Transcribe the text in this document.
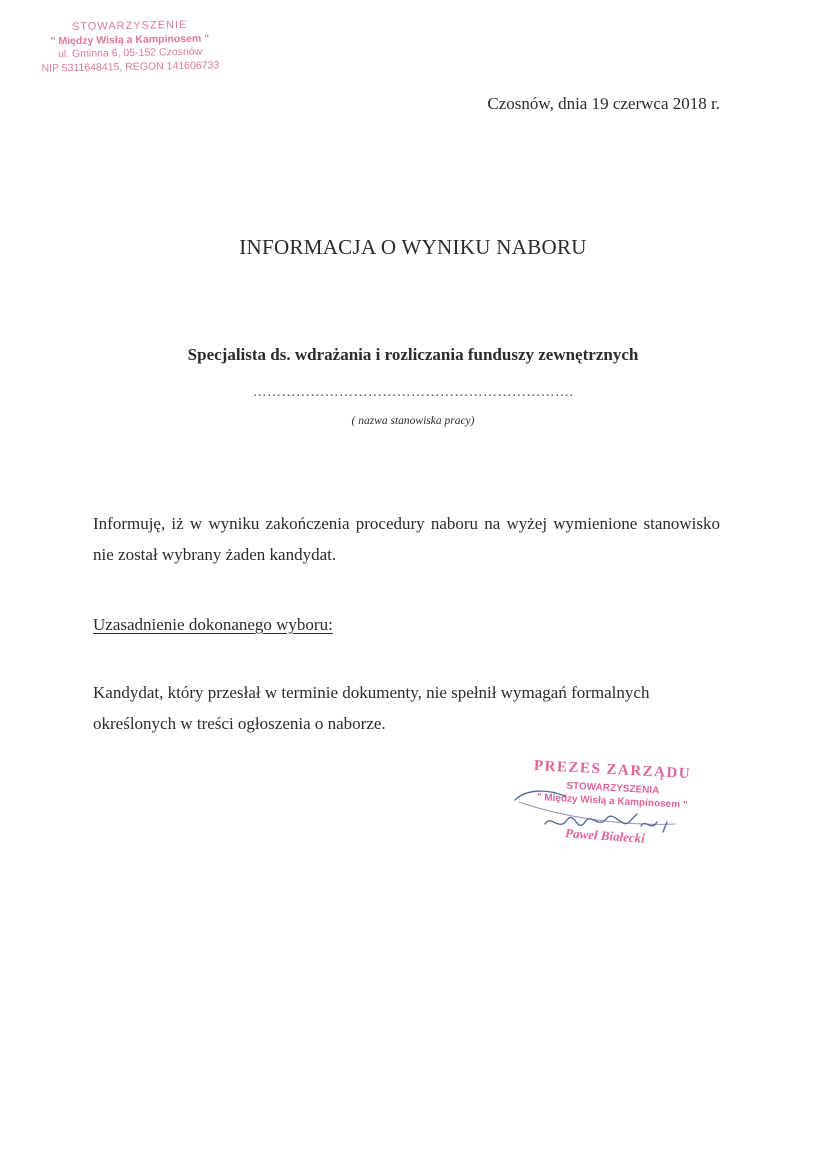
STOWARZYSZENIE
" Między Wisłą a Kampinosem "
ul. Gminna 6, 05-152 Czosnów
NIP 5311648415, REGON 141606733
Czosnów, dnia 19 czerwca 2018 r.
INFORMACJA O WYNIKU NABORU
Specjalista ds. wdrażania i rozliczania funduszy zewnętrznych
………………………………………………………….
( nazwa stanowiska pracy)
Informuję, iż w wyniku zakończenia procedury naboru na wyżej wymienione stanowisko nie został wybrany żaden kandydat.
Uzasadnienie dokonanego wyboru:
Kandydat, który przesłał w terminie dokumenty, nie spełnił wymagań formalnych określonych w treści ogłoszenia o naborze.
PREZES ZARZĄDU
STOWARZYSZENIA
" Między Wisłą a Kampinosem "
Paweł Białecki
